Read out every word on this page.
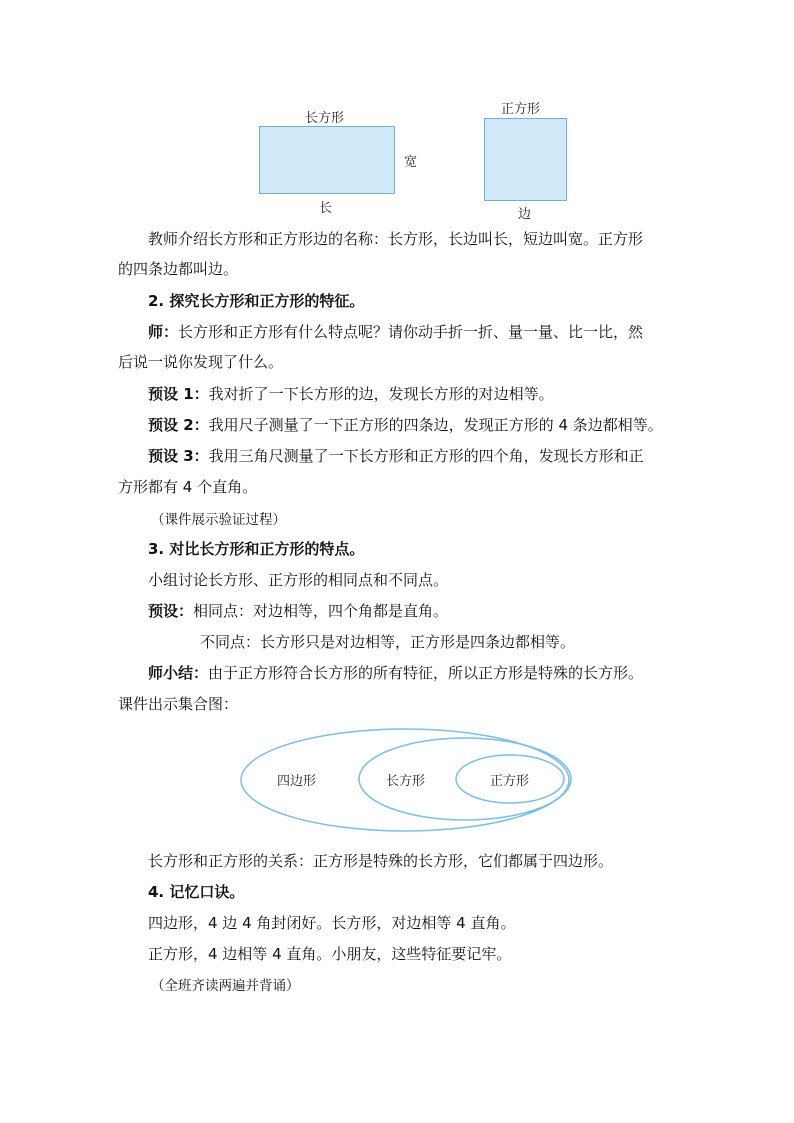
长方形
宽
长
正方形
边
教师介绍长方形和正方形边的名称：长方形，长边叫长，短边叫宽。正方形
的四条边都叫边。
2. 探究长方形和正方形的特征。
师：长方形和正方形有什么特点呢？请你动手折一折、量一量、比一比，然
后说一说你发现了什么。
预设 1：我对折了一下长方形的边，发现长方形的对边相等。
预设 2：我用尺子测量了一下正方形的四条边，发现正方形的 4 条边都相等。
预设 3：我用三角尺测量了一下长方形和正方形的四个角，发现长方形和正
方形都有 4 个直角。
（课件展示验证过程）
3. 对比长方形和正方形的特点。
小组讨论长方形、正方形的相同点和不同点。
预设：相同点：对边相等，四个角都是直角。
不同点：长方形只是对边相等，正方形是四条边都相等。
师小结：由于正方形符合长方形的所有特征，所以正方形是特殊的长方形。
课件出示集合图：
四边形	长方形	正方形
长方形和正方形的关系：正方形是特殊的长方形，它们都属于四边形。
4. 记忆口诀。
四边形，4 边 4 角封闭好。长方形，对边相等 4 直角。
正方形，4 边相等 4 直角。小朋友，这些特征要记牢。
（全班齐读两遍并背诵）
